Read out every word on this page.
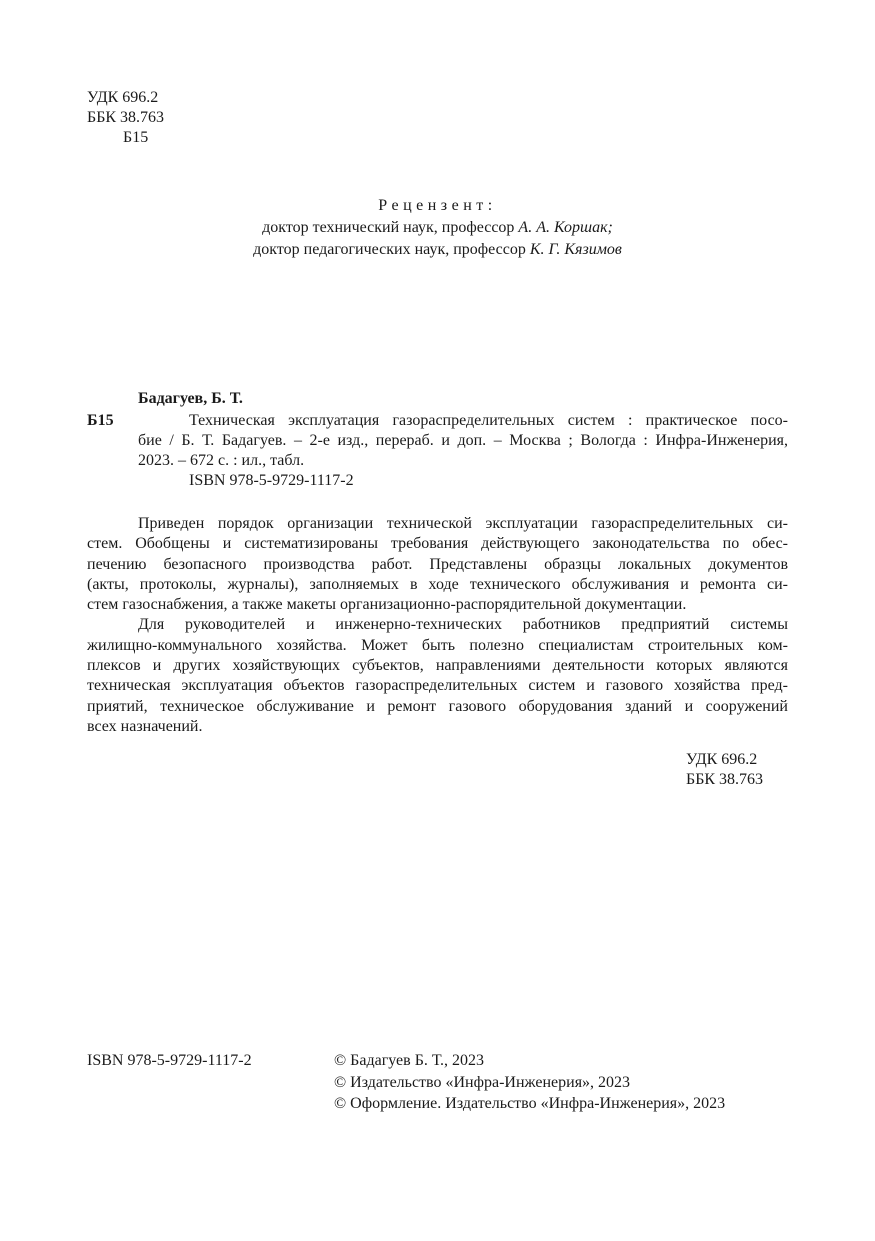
УДК 696.2
ББК 38.763
Б15
Рецензент:
доктор технический наук, профессор А. А. Коршак;
доктор педагогических наук, профессор К. Г. Кязимов
Бадагуев, Б. Т.
Б15	Техническая эксплуатация газораспределительных систем : практическое посо-
бие / Б. Т. Бадагуев. – 2-е изд., перераб. и доп. – Москва ; Вологда : Инфра-Инженерия,
2023. – 672 с. : ил., табл.
ISBN 978-5-9729-1117-2
Приведен порядок организации технической эксплуатации газораспределительных си-
стем. Обобщены и систематизированы требования действующего законодательства по обес-
печению безопасного производства работ. Представлены образцы локальных документов
(акты, протоколы, журналы), заполняемых в ходе технического обслуживания и ремонта си-
стем газоснабжения, а также макеты организационно-распорядительной документации.
Для руководителей и инженерно-технических работников предприятий системы
жилищно-коммунального хозяйства. Может быть полезно специалистам строительных ком-
плексов и других хозяйствующих субъектов, направлениями деятельности которых являются
техническая эксплуатация объектов газораспределительных систем и газового хозяйства пред-
приятий, техническое обслуживание и ремонт газового оборудования зданий и сооружений
всех назначений.
УДК 696.2
ББК 38.763
ISBN 978-5-9729-1117-2	© Бадагуев Б. Т., 2023
© Издательство «Инфра-Инженерия», 2023
© Оформление. Издательство «Инфра-Инженерия», 2023
